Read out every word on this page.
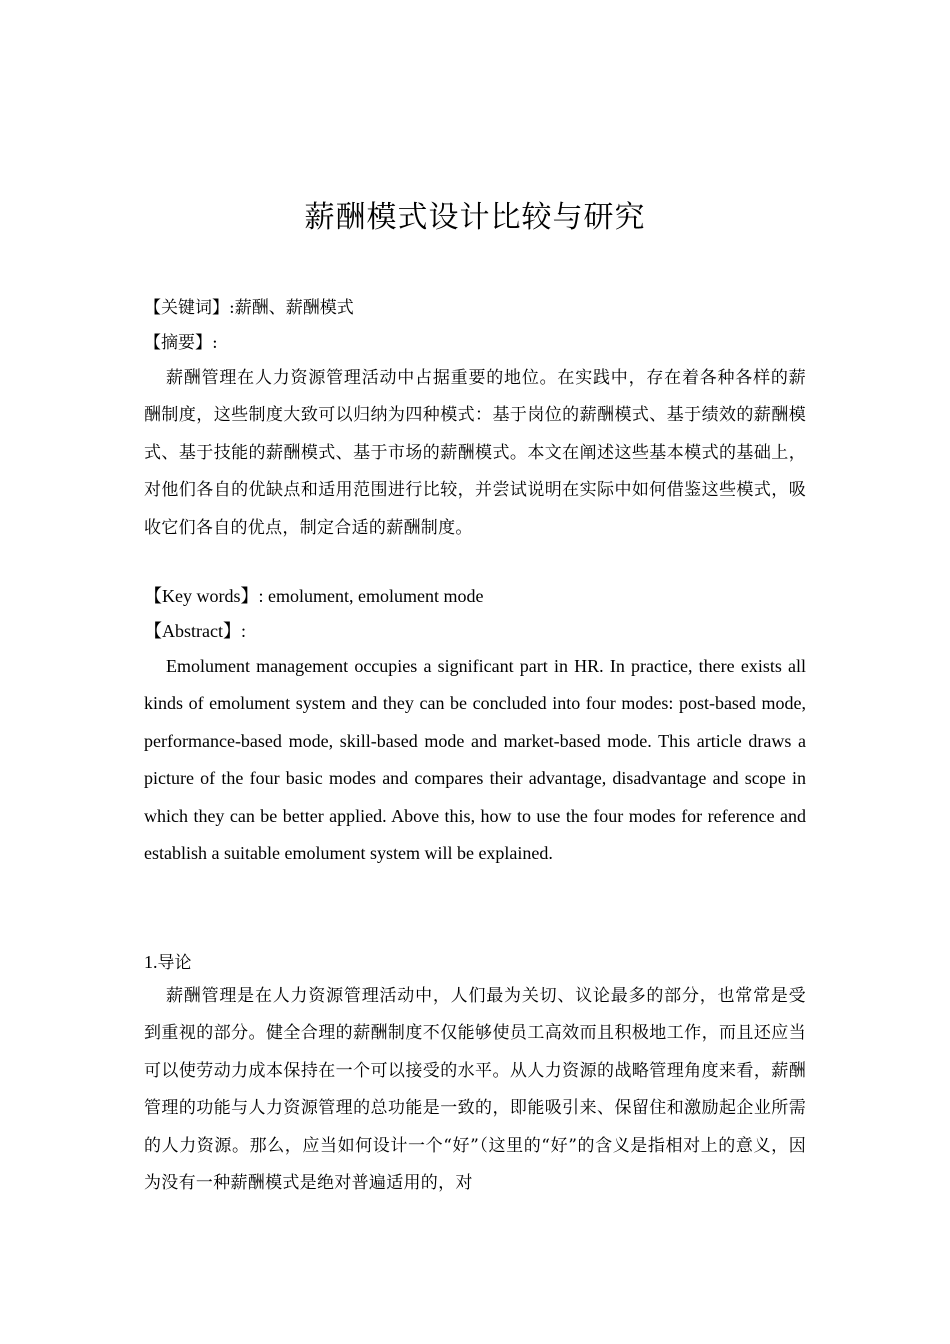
薪酬模式设计比较与研究
【关键词】:薪酬、薪酬模式
【摘要】:
薪酬管理在人力资源管理活动中占据重要的地位。在实践中，存在着各种各样的薪酬制度，这些制度大致可以归纳为四种模式：基于岗位的薪酬模式、基于绩效的薪酬模式、基于技能的薪酬模式、基于市场的薪酬模式。本文在阐述这些基本模式的基础上，对他们各自的优缺点和适用范围进行比较，并尝试说明在实际中如何借鉴这些模式，吸收它们各自的优点，制定合适的薪酬制度。
【Key words】: emolument, emolument mode
【Abstract】:
Emolument management occupies a significant part in HR. In practice, there exists all kinds of emolument system and they can be concluded into four modes: post-based mode, performance-based mode, skill-based mode and market-based mode. This article draws a picture of the four basic modes and compares their advantage, disadvantage and scope in which they can be better applied. Above this, how to use the four modes for reference and establish a suitable emolument system will be explained.
1.导论
薪酬管理是在人力资源管理活动中，人们最为关切、议论最多的部分，也常常是受到重视的部分。健全合理的薪酬制度不仅能够使员工高效而且积极地工作，而且还应当可以使劳动力成本保持在一个可以接受的水平。从人力资源的战略管理角度来看，薪酬管理的功能与人力资源管理的总功能是一致的，即能吸引来、保留住和激励起企业所需的人力资源。那么，应当如何设计一个“好”（这里的“好”的含义是指相对上的意义，因为没有一种薪酬模式是绝对普遍适用的，对
